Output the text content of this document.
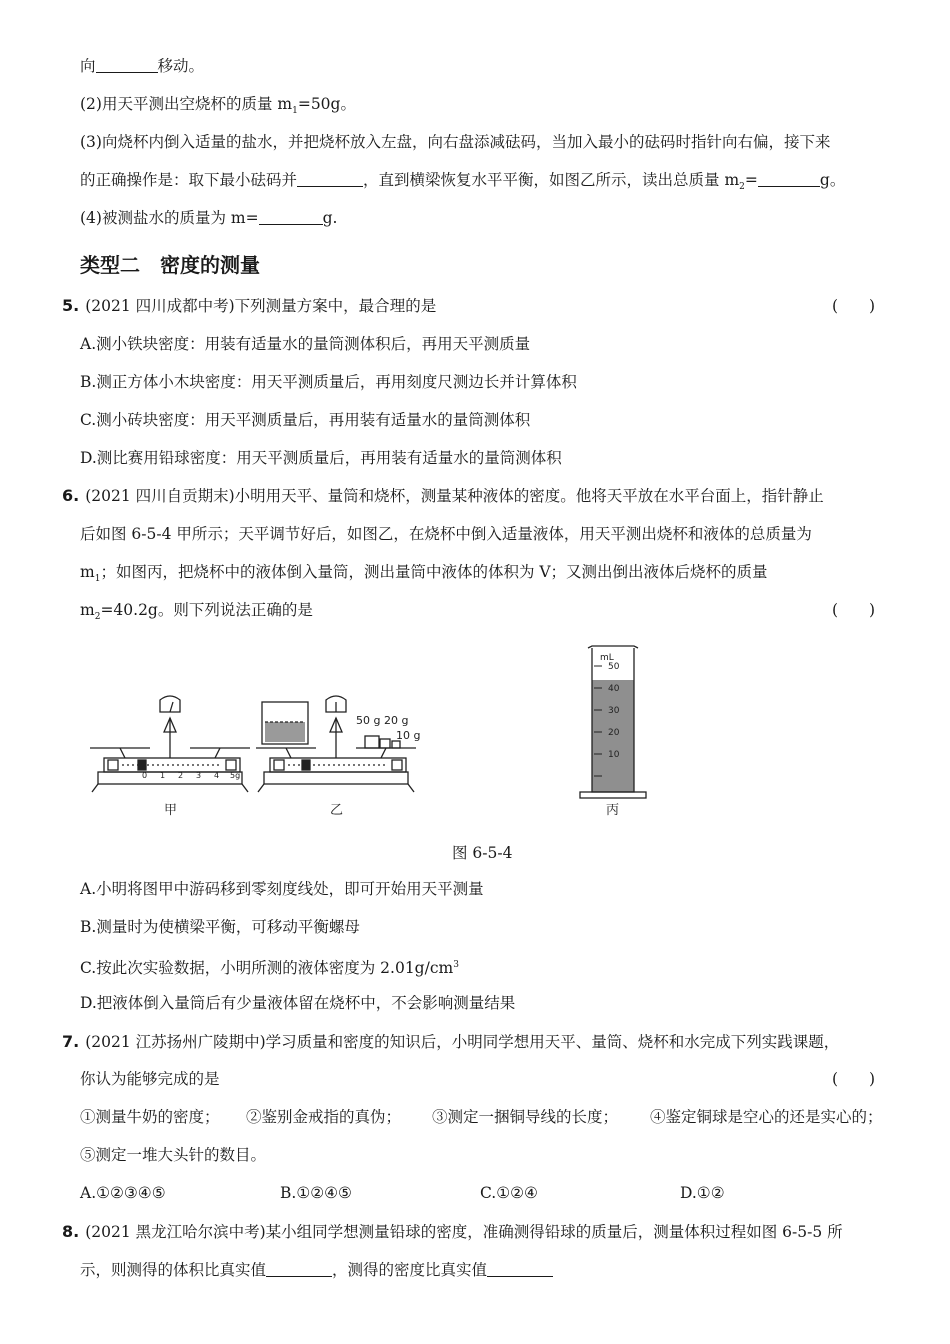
向	移动。
(2)用天平测出空烧杯的质量 $m_1=50g$。
(3)向烧杯内倒入适量的盐水，并把烧杯放入左盘，向右盘添减砝码，当加入最小的砝码时指针向右偏，接下来
的正确操作是：取下最小砝码并	，直到横梁恢复水平平衡，如图乙所示，读出总质量 $m_2=$	g。
(4)被测盐水的质量为 m=	g.
类型二　密度的测量
5. (2021 四川成都中考)下列测量方案中，最合理的是	(　　)
A.测小铁块密度：用装有适量水的量筒测体积后，再用天平测质量
B.测正方体小木块密度：用天平测质量后，再用刻度尺测边长并计算体积
C.测小砖块密度：用天平测质量后，再用装有适量水的量筒测体积
D.测比赛用铅球密度：用天平测质量后，再用装有适量水的量筒测体积
6. (2021 四川自贡期末)小明用天平、量筒和烧杯，测量某种液体的密度。他将天平放在水平台面上，指针静止
后如图 6-5-4 甲所示；天平调节好后，如图乙，在烧杯中倒入适量液体，用天平测出烧杯和液体的总质量为
$m_1$；如图丙，把烧杯中的液体倒入量筒，测出量筒中液体的体积为 V；又测出倒出液体后烧杯的质量
$m_2=40.2g$。则下列说法正确的是	(　　)
0 1 2 3 4 5g
50 g 20 g
10 g
mL
50
40
30
20
10
甲	乙	丙
图 6-5-4
A.小明将图甲中游码移到零刻度线处，即可开始用天平测量
B.测量时为使横梁平衡，可移动平衡螺母
C.按此次实验数据，小明所测的液体密度为 $2.01g/cm^3$
D.把液体倒入量筒后有少量液体留在烧杯中，不会影响测量结果
7. (2021 江苏扬州广陵期中)学习质量和密度的知识后，小明同学想用天平、量筒、烧杯和水完成下列实践课题，
你认为能够完成的是	(　　)
①测量牛奶的密度； ②鉴别金戒指的真伪； ③测定一捆铜导线的长度； ④鉴定铜球是空心的还是实心的；
⑤测定一堆大头针的数目。
A.①②③④⑤	B.①②④⑤	C.①②④	D.①②
8. (2021 黑龙江哈尔滨中考)某小组同学想测量铅球的密度，准确测得铅球的质量后，测量体积过程如图 6-5-5 所
示，则测得的体积比真实值	，测得的密度比真实值
